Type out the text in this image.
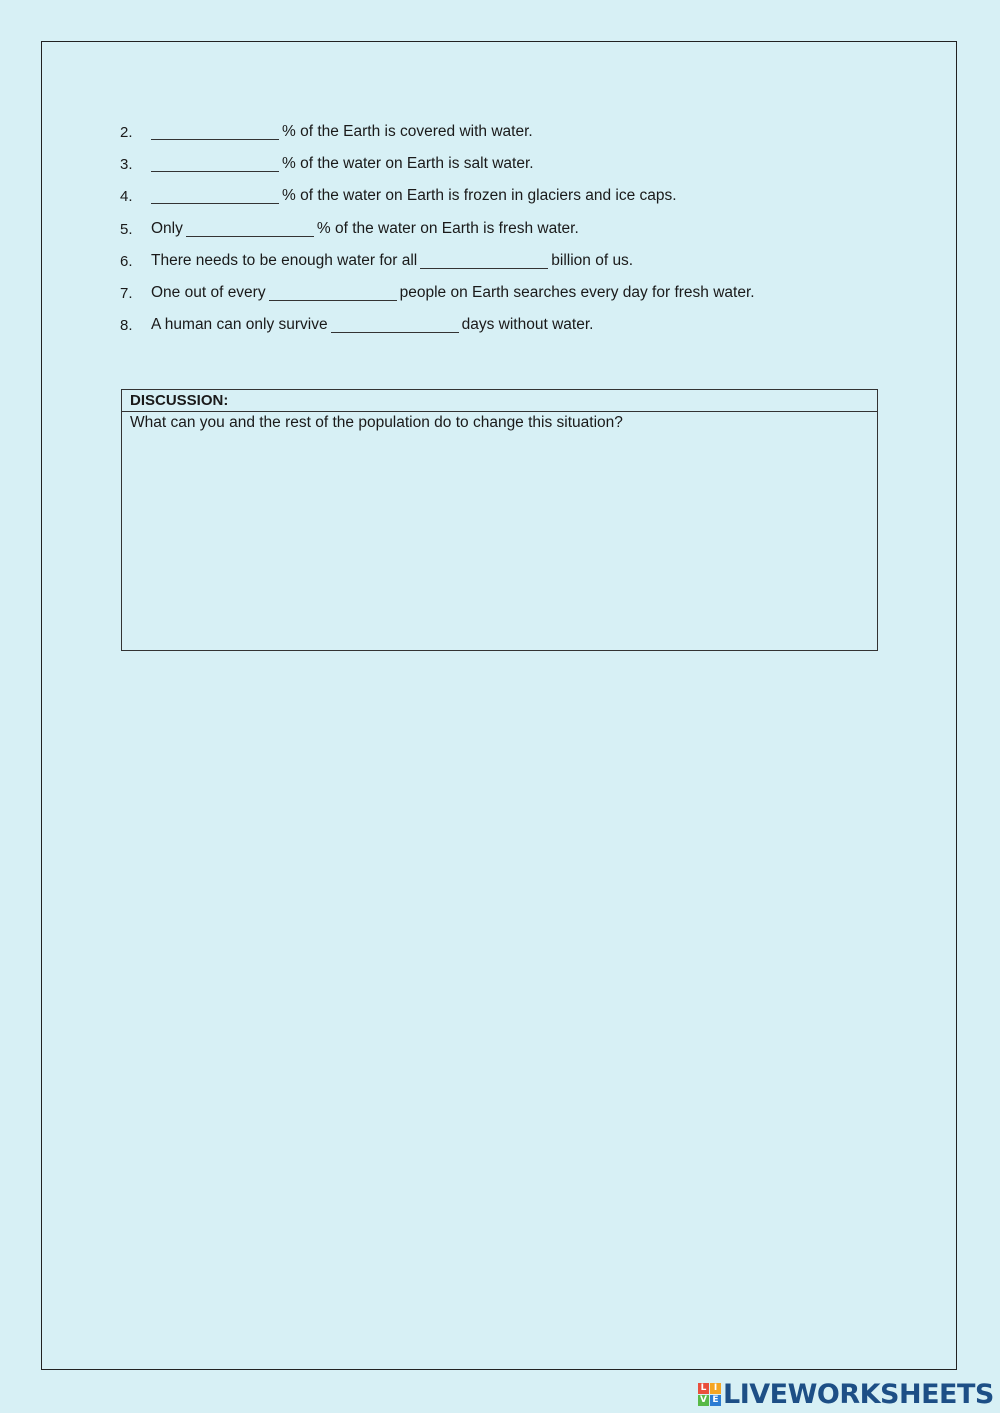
2.	% of the Earth is covered with water.
3.	% of the water on Earth is salt water.
4.	% of the water on Earth is frozen in glaciers and ice caps.
5.	Only	% of the water on Earth is fresh water.
6.	There needs to be enough water for all	billion of us.
7.	One out of every	people on Earth searches every day for fresh water.
8.	A human can only survive	days without water.
DISCUSSION:
What can you and the rest of the population do to change this situation?
L I
V E LIVEWORKSHEETS
